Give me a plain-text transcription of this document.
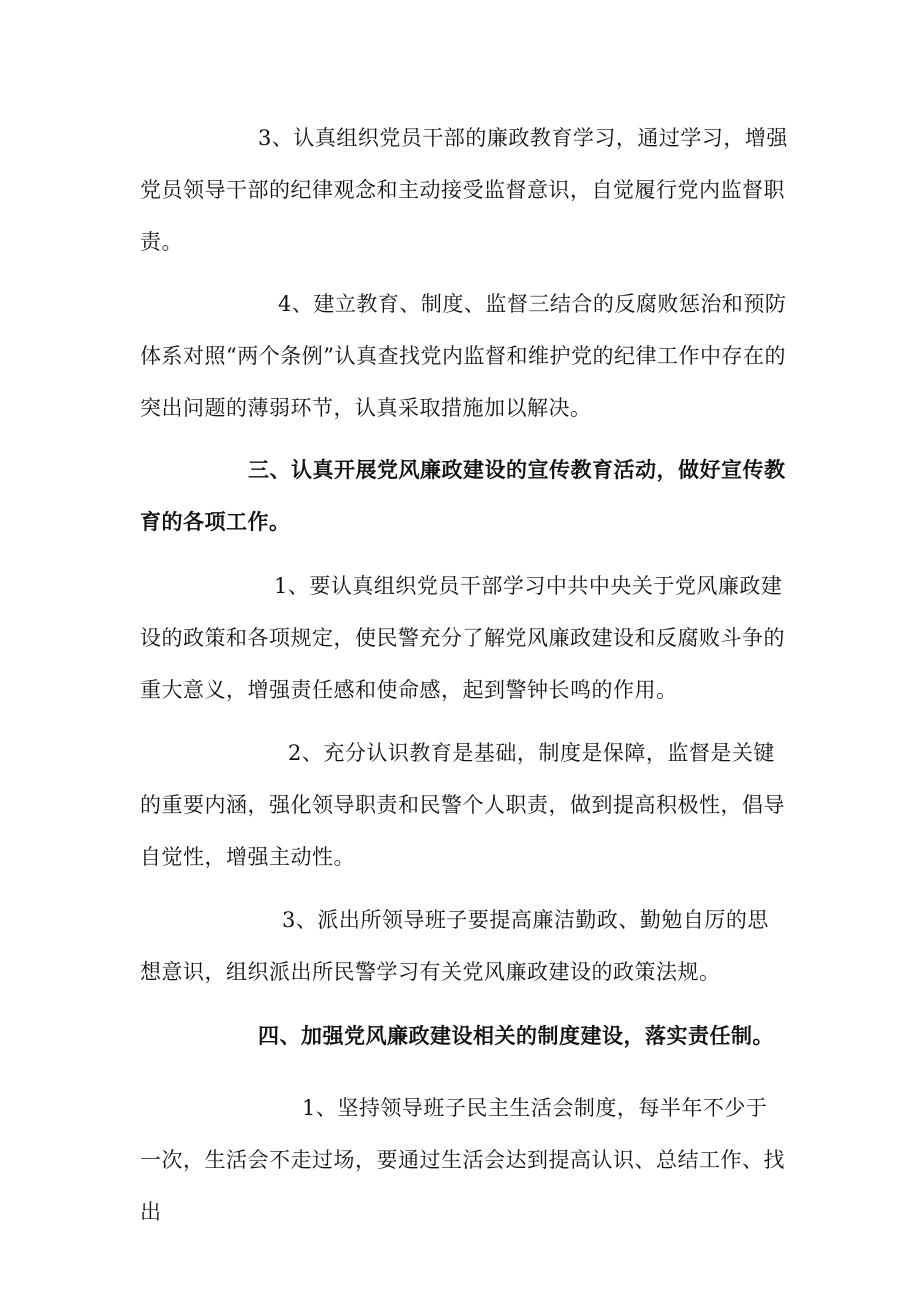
3、认真组织党员干部的廉政教育学习，通过学习，增强党员领导干部的纪律观念和主动接受监督意识，自觉履行党内监督职责。

4、建立教育、制度、监督三结合的反腐败惩治和预防体系对照“两个条例”认真查找党内监督和维护党的纪律工作中存在的突出问题的薄弱环节，认真采取措施加以解决。

三、认真开展党风廉政建设的宣传教育活动，做好宣传教育的各项工作。

1、要认真组织党员干部学习中共中央关于党风廉政建设的政策和各项规定，使民警充分了解党风廉政建设和反腐败斗争的重大意义，增强责任感和使命感，起到警钟长鸣的作用。

2、充分认识教育是基础，制度是保障，监督是关键的重要内涵，强化领导职责和民警个人职责，做到提高积极性，倡导自觉性，增强主动性。

3、派出所领导班子要提高廉洁勤政、勤勉自厉的思想意识，组织派出所民警学习有关党风廉政建设的政策法规。

四、加强党风廉政建设相关的制度建设，落实责任制。

1、坚持领导班子民主生活会制度，每半年不少于一次，生活会不走过场，要通过生活会达到提高认识、总结工作、找出
